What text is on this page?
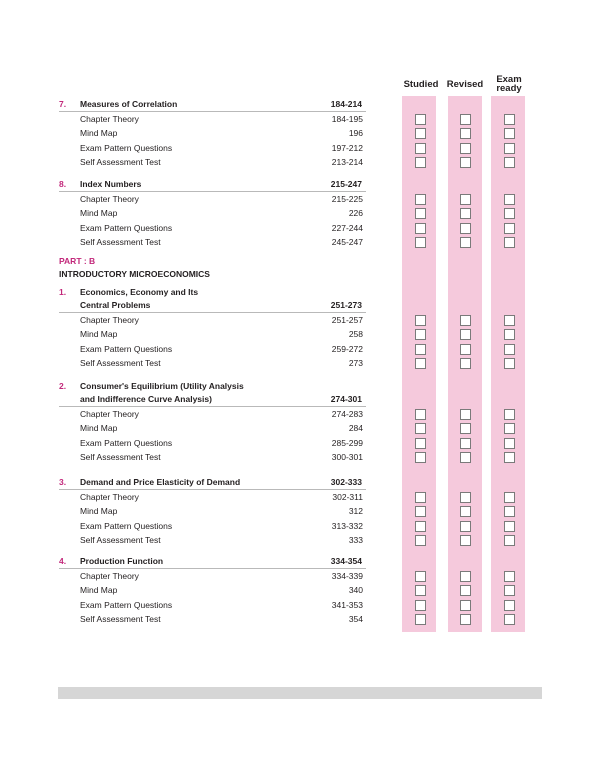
Studied Revised	Exam
ready
PART : B
INTRODUCTORY MICROECONOMICS
7. Measures of Correlation	184-214
Chapter Theory	184-195
Mind Map	196
Exam Pattern Questions	197-212
Self Assessment Test	213-214
8. Index Numbers	215-247
Chapter Theory	215-225
Mind Map	226
Exam Pattern Questions	227-244
Self Assessment Test	245-247
1. Economics, Economy and Its
Central Problems	251-273
Chapter Theory	251-257
Mind Map	258
Exam Pattern Questions	259-272
Self Assessment Test	273
2. Consumer's Equilibrium (Utility Analysis
and Indifference Curve Analysis)	274-301
Chapter Theory	274-283
Mind Map	284
Exam Pattern Questions	285-299
Self Assessment Test	300-301
3. Demand and Price Elasticity of Demand	302-333
Chapter Theory	302-311
Mind Map	312
Exam Pattern Questions	313-332
Self Assessment Test	333
4. Production Function	334-354
Chapter Theory	334-339
Mind Map	340
Exam Pattern Questions	341-353
Self Assessment Test	354
